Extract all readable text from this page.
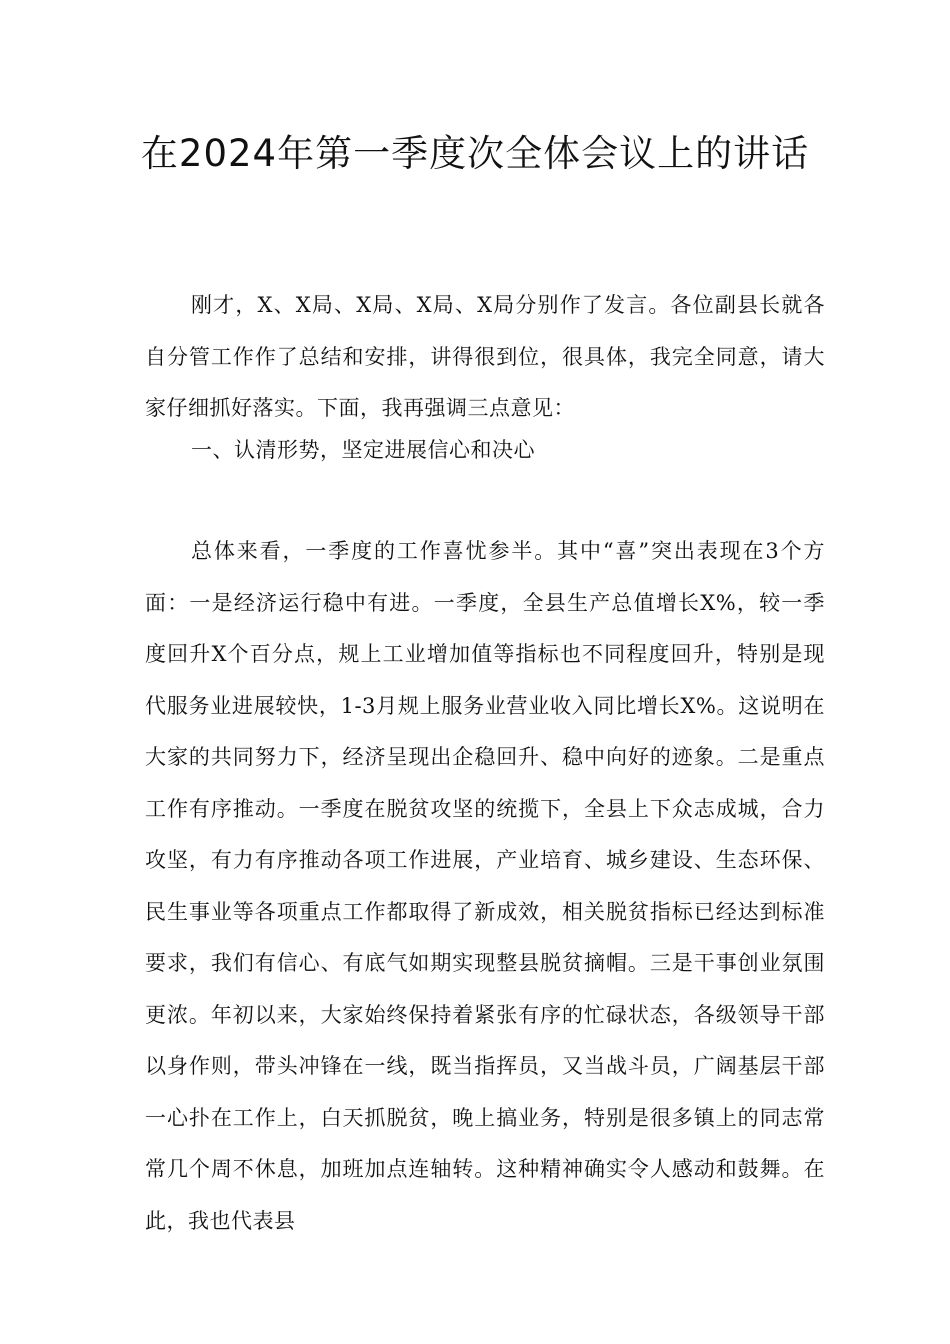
在2024年第一季度次全体会议上的讲话

刚才，X、X局、X局、X局、X局分别作了发言。各位副县长就各自分管工作作了总结和安排，讲得很到位，很具体，我完全同意，请大家仔细抓好落实。下面，我再强调三点意见：

一、认清形势，坚定进展信心和决心

总体来看，一季度的工作喜忧参半。其中“喜”突出表现在3个方面：一是经济运行稳中有进。一季度，全县生产总值增长X%，较一季度回升X个百分点，规上工业增加值等指标也不同程度回升，特别是现代服务业进展较快，1-3月规上服务业营业收入同比增长X%。这说明在大家的共同努力下，经济呈现出企稳回升、稳中向好的迹象。二是重点工作有序推动。一季度在脱贫攻坚的统揽下，全县上下众志成城，合力攻坚，有力有序推动各项工作进展，产业培育、城乡建设、生态环保、民生事业等各项重点工作都取得了新成效，相关脱贫指标已经达到标准要求，我们有信心、有底气如期实现整县脱贫摘帽。三是干事创业氛围更浓。年初以来，大家始终保持着紧张有序的忙碌状态，各级领导干部以身作则，带头冲锋在一线，既当指挥员，又当战斗员，广阔基层干部一心扑在工作上，白天抓脱贫，晚上搞业务，特别是很多镇上的同志常常几个周不休息，加班加点连轴转。这种精神确实令人感动和鼓舞。在此，我也代表县
